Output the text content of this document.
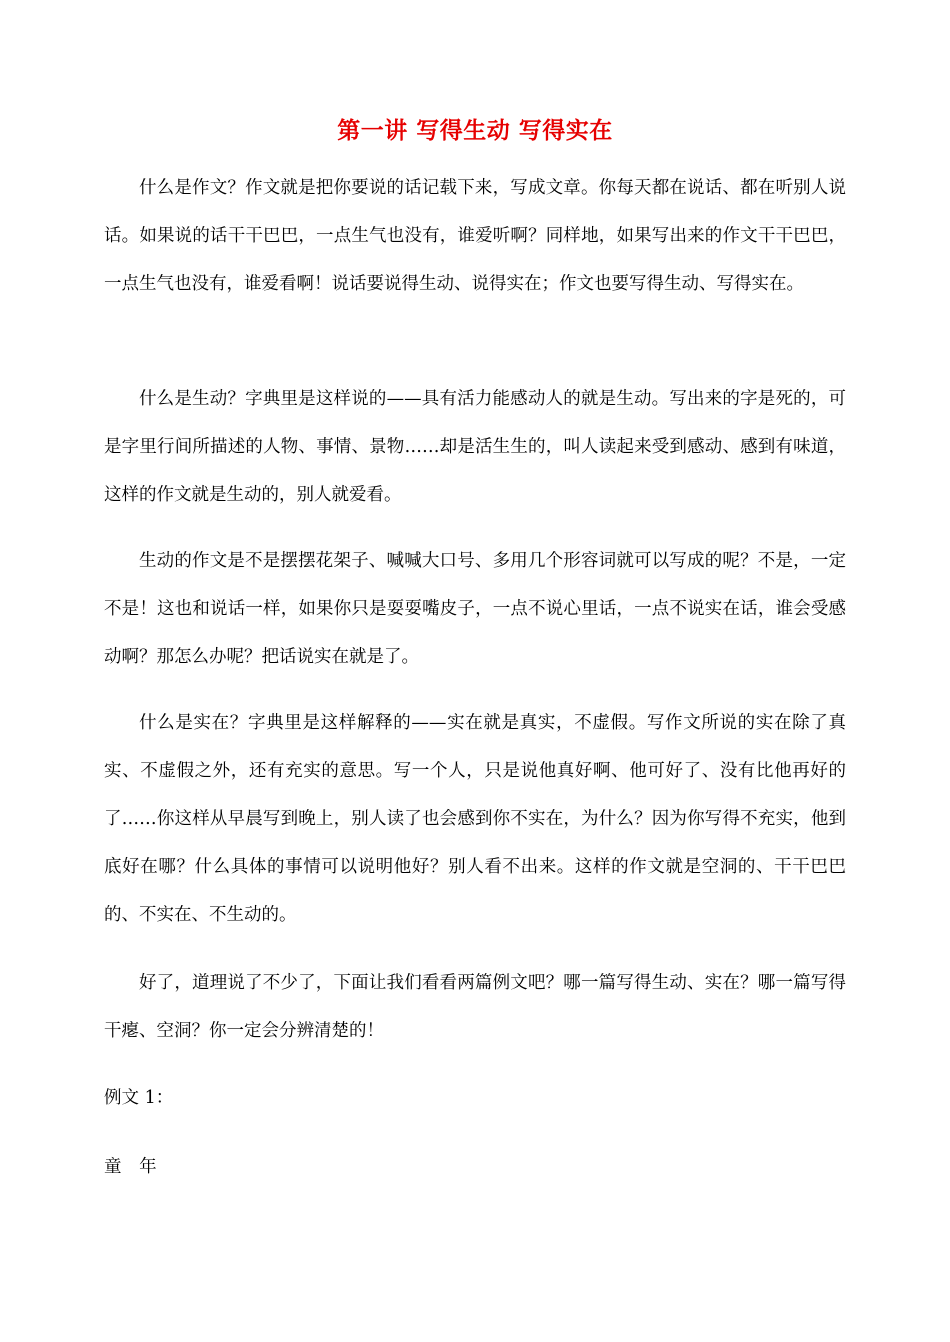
第一讲 写得生动 写得实在

什么是作文？作文就是把你要说的话记载下来，写成文章。你每天都在说话、都在听别人说话。如果说的话干干巴巴，一点生气也没有，谁爱听啊？同样地，如果写出来的作文干干巴巴，一点生气也没有，谁爱看啊！说话要说得生动、说得实在；作文也要写得生动、写得实在。

什么是生动？字典里是这样说的——具有活力能感动人的就是生动。写出来的字是死的，可是字里行间所描述的人物、事情、景物……却是活生生的，叫人读起来受到感动、感到有味道，这样的作文就是生动的，别人就爱看。

生动的作文是不是摆摆花架子、喊喊大口号、多用几个形容词就可以写成的呢？不是，一定不是！这也和说话一样，如果你只是耍耍嘴皮子，一点不说心里话，一点不说实在话，谁会受感动啊？那怎么办呢？把话说实在就是了。

什么是实在？字典里是这样解释的——实在就是真实，不虚假。写作文所说的实在除了真实、不虚假之外，还有充实的意思。写一个人，只是说他真好啊、他可好了、没有比他再好的了……你这样从早晨写到晚上，别人读了也会感到你不实在，为什么？因为你写得不充实，他到底好在哪？什么具体的事情可以说明他好？别人看不出来。这样的作文就是空洞的、干干巴巴的、不实在、不生动的。

好了，道理说了不少了，下面让我们看看两篇例文吧？哪一篇写得生动、实在？哪一篇写得干瘪、空洞？你一定会分辨清楚的！

例文 1：

童 年
